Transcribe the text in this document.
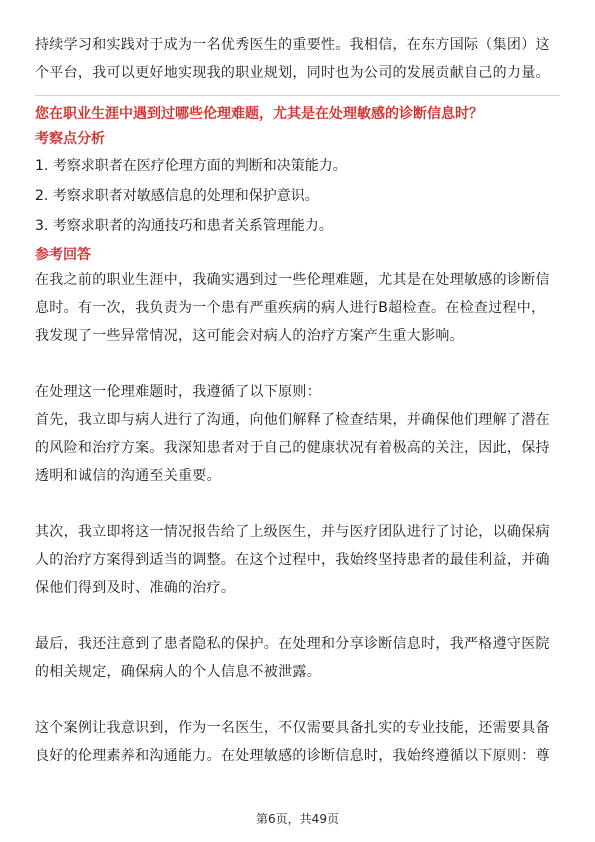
持续学习和实践对于成为一名优秀医生的重要性。我相信，在东方国际（集团）这

个平台，我可以更好地实现我的职业规划，同时也为公司的发展贡献自己的力量。

您在职业生涯中遇到过哪些伦理难题，尤其是在处理敏感的诊断信息时？

考察点分析

1. 考察求职者在医疗伦理方面的判断和决策能力。

2. 考察求职者对敏感信息的处理和保护意识。

3. 考察求职者的沟通技巧和患者关系管理能力。

参考回答

在我之前的职业生涯中，我确实遇到过一些伦理难题，尤其是在处理敏感的诊断信

息时。有一次，我负责为一个患有严重疾病的病人进行B超检查。在检查过程中，

我发现了一些异常情况，这可能会对病人的治疗方案产生重大影响。

在处理这一伦理难题时，我遵循了以下原则：

首先，我立即与病人进行了沟通，向他们解释了检查结果，并确保他们理解了潜在

的风险和治疗方案。我深知患者对于自己的健康状况有着极高的关注，因此，保持

透明和诚信的沟通至关重要。

其次，我立即将这一情况报告给了上级医生，并与医疗团队进行了讨论，以确保病

人的治疗方案得到适当的调整。在这个过程中，我始终坚持患者的最佳利益，并确

保他们得到及时、准确的治疗。

最后，我还注意到了患者隐私的保护。在处理和分享诊断信息时，我严格遵守医院

的相关规定，确保病人的个人信息不被泄露。

这个案例让我意识到，作为一名医生，不仅需要具备扎实的专业技能，还需要具备

良好的伦理素养和沟通能力。在处理敏感的诊断信息时，我始终遵循以下原则：尊

第6页，共49页
